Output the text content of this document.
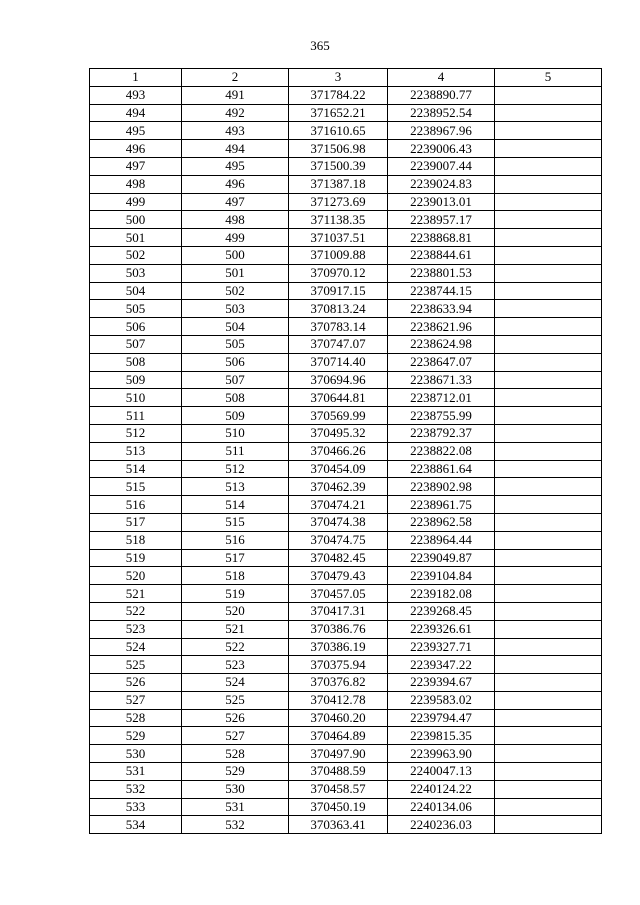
365
1	2	3	4	5
493	491	371784.22	2238890.77	
494	492	371652.21	2238952.54	
495	493	371610.65	2238967.96	
496	494	371506.98	2239006.43	
497	495	371500.39	2239007.44	
498	496	371387.18	2239024.83	
499	497	371273.69	2239013.01	
500	498	371138.35	2238957.17	
501	499	371037.51	2238868.81	
502	500	371009.88	2238844.61	
503	501	370970.12	2238801.53	
504	502	370917.15	2238744.15	
505	503	370813.24	2238633.94	
506	504	370783.14	2238621.96	
507	505	370747.07	2238624.98	
508	506	370714.40	2238647.07	
509	507	370694.96	2238671.33	
510	508	370644.81	2238712.01	
511	509	370569.99	2238755.99	
512	510	370495.32	2238792.37	
513	511	370466.26	2238822.08	
514	512	370454.09	2238861.64	
515	513	370462.39	2238902.98	
516	514	370474.21	2238961.75	
517	515	370474.38	2238962.58	
518	516	370474.75	2238964.44	
519	517	370482.45	2239049.87	
520	518	370479.43	2239104.84	
521	519	370457.05	2239182.08	
522	520	370417.31	2239268.45	
523	521	370386.76	2239326.61	
524	522	370386.19	2239327.71	
525	523	370375.94	2239347.22	
526	524	370376.82	2239394.67	
527	525	370412.78	2239583.02	
528	526	370460.20	2239794.47	
529	527	370464.89	2239815.35	
530	528	370497.90	2239963.90	
531	529	370488.59	2240047.13	
532	530	370458.57	2240124.22	
533	531	370450.19	2240134.06	
534	532	370363.41	2240236.03	
